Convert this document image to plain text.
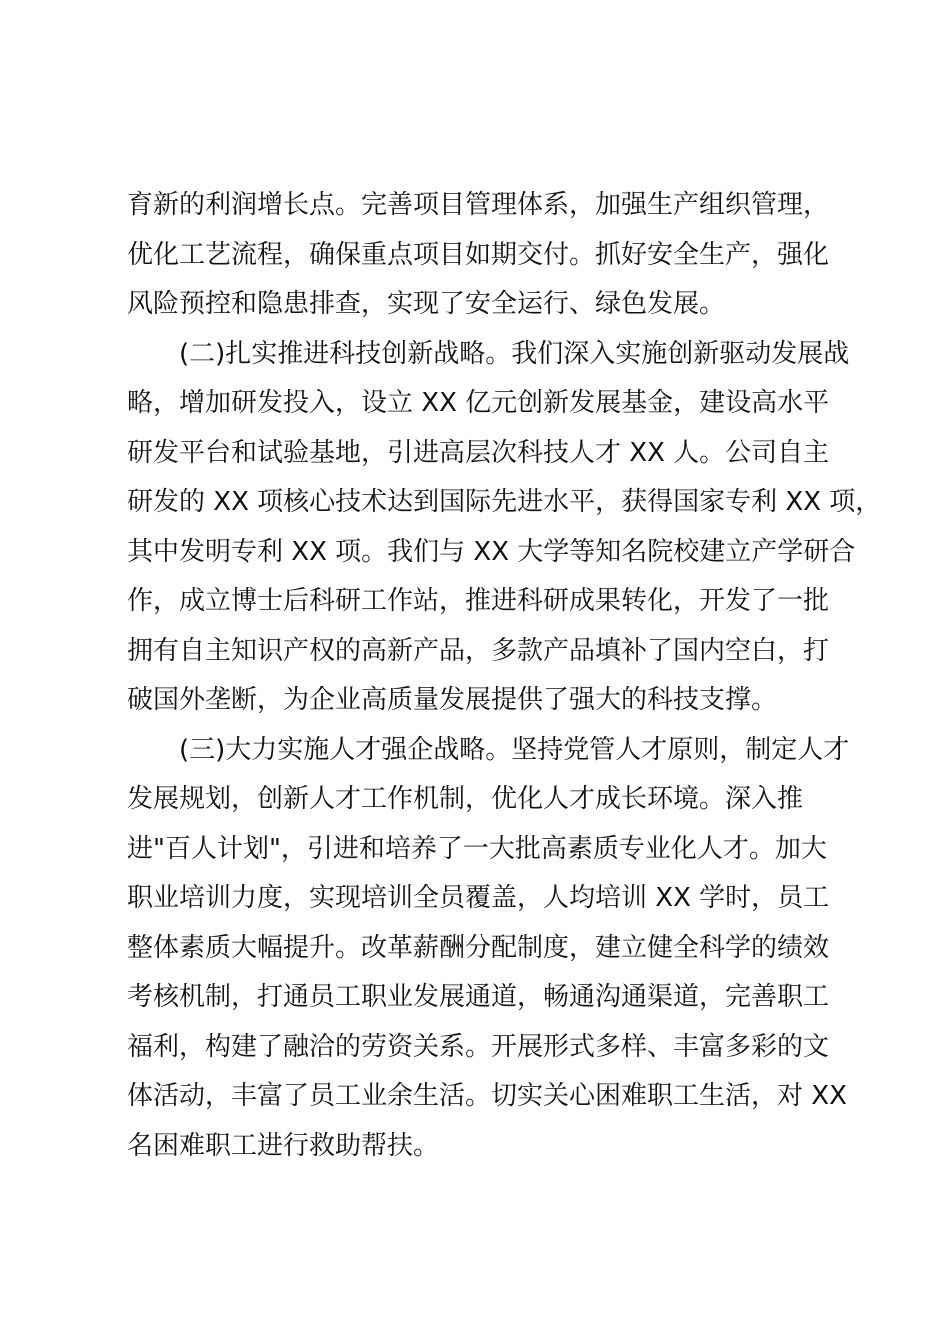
育新的利润增长点。完善项目管理体系，加强生产组织管理，
优化工艺流程，确保重点项目如期交付。抓好安全生产，强化
风险预控和隐患排查，实现了安全运行、绿色发展。
(二)扎实推进科技创新战略。我们深入实施创新驱动发展战
略，增加研发投入，设立 XX 亿元创新发展基金，建设高水平
研发平台和试验基地，引进高层次科技人才 XX 人。公司自主
研发的 XX 项核心技术达到国际先进水平，获得国家专利 XX 项，
其中发明专利 XX 项。我们与 XX 大学等知名院校建立产学研合
作，成立博士后科研工作站，推进科研成果转化，开发了一批
拥有自主知识产权的高新产品，多款产品填补了国内空白，打
破国外垄断，为企业高质量发展提供了强大的科技支撑。
(三)大力实施人才强企战略。坚持党管人才原则，制定人才
发展规划，创新人才工作机制，优化人才成长环境。深入推
进"百人计划"，引进和培养了一大批高素质专业化人才。加大
职业培训力度，实现培训全员覆盖，人均培训 XX 学时，员工
整体素质大幅提升。改革薪酬分配制度，建立健全科学的绩效
考核机制，打通员工职业发展通道，畅通沟通渠道，完善职工
福利，构建了融洽的劳资关系。开展形式多样、丰富多彩的文
体活动，丰富了员工业余生活。切实关心困难职工生活，对 XX
名困难职工进行救助帮扶。
